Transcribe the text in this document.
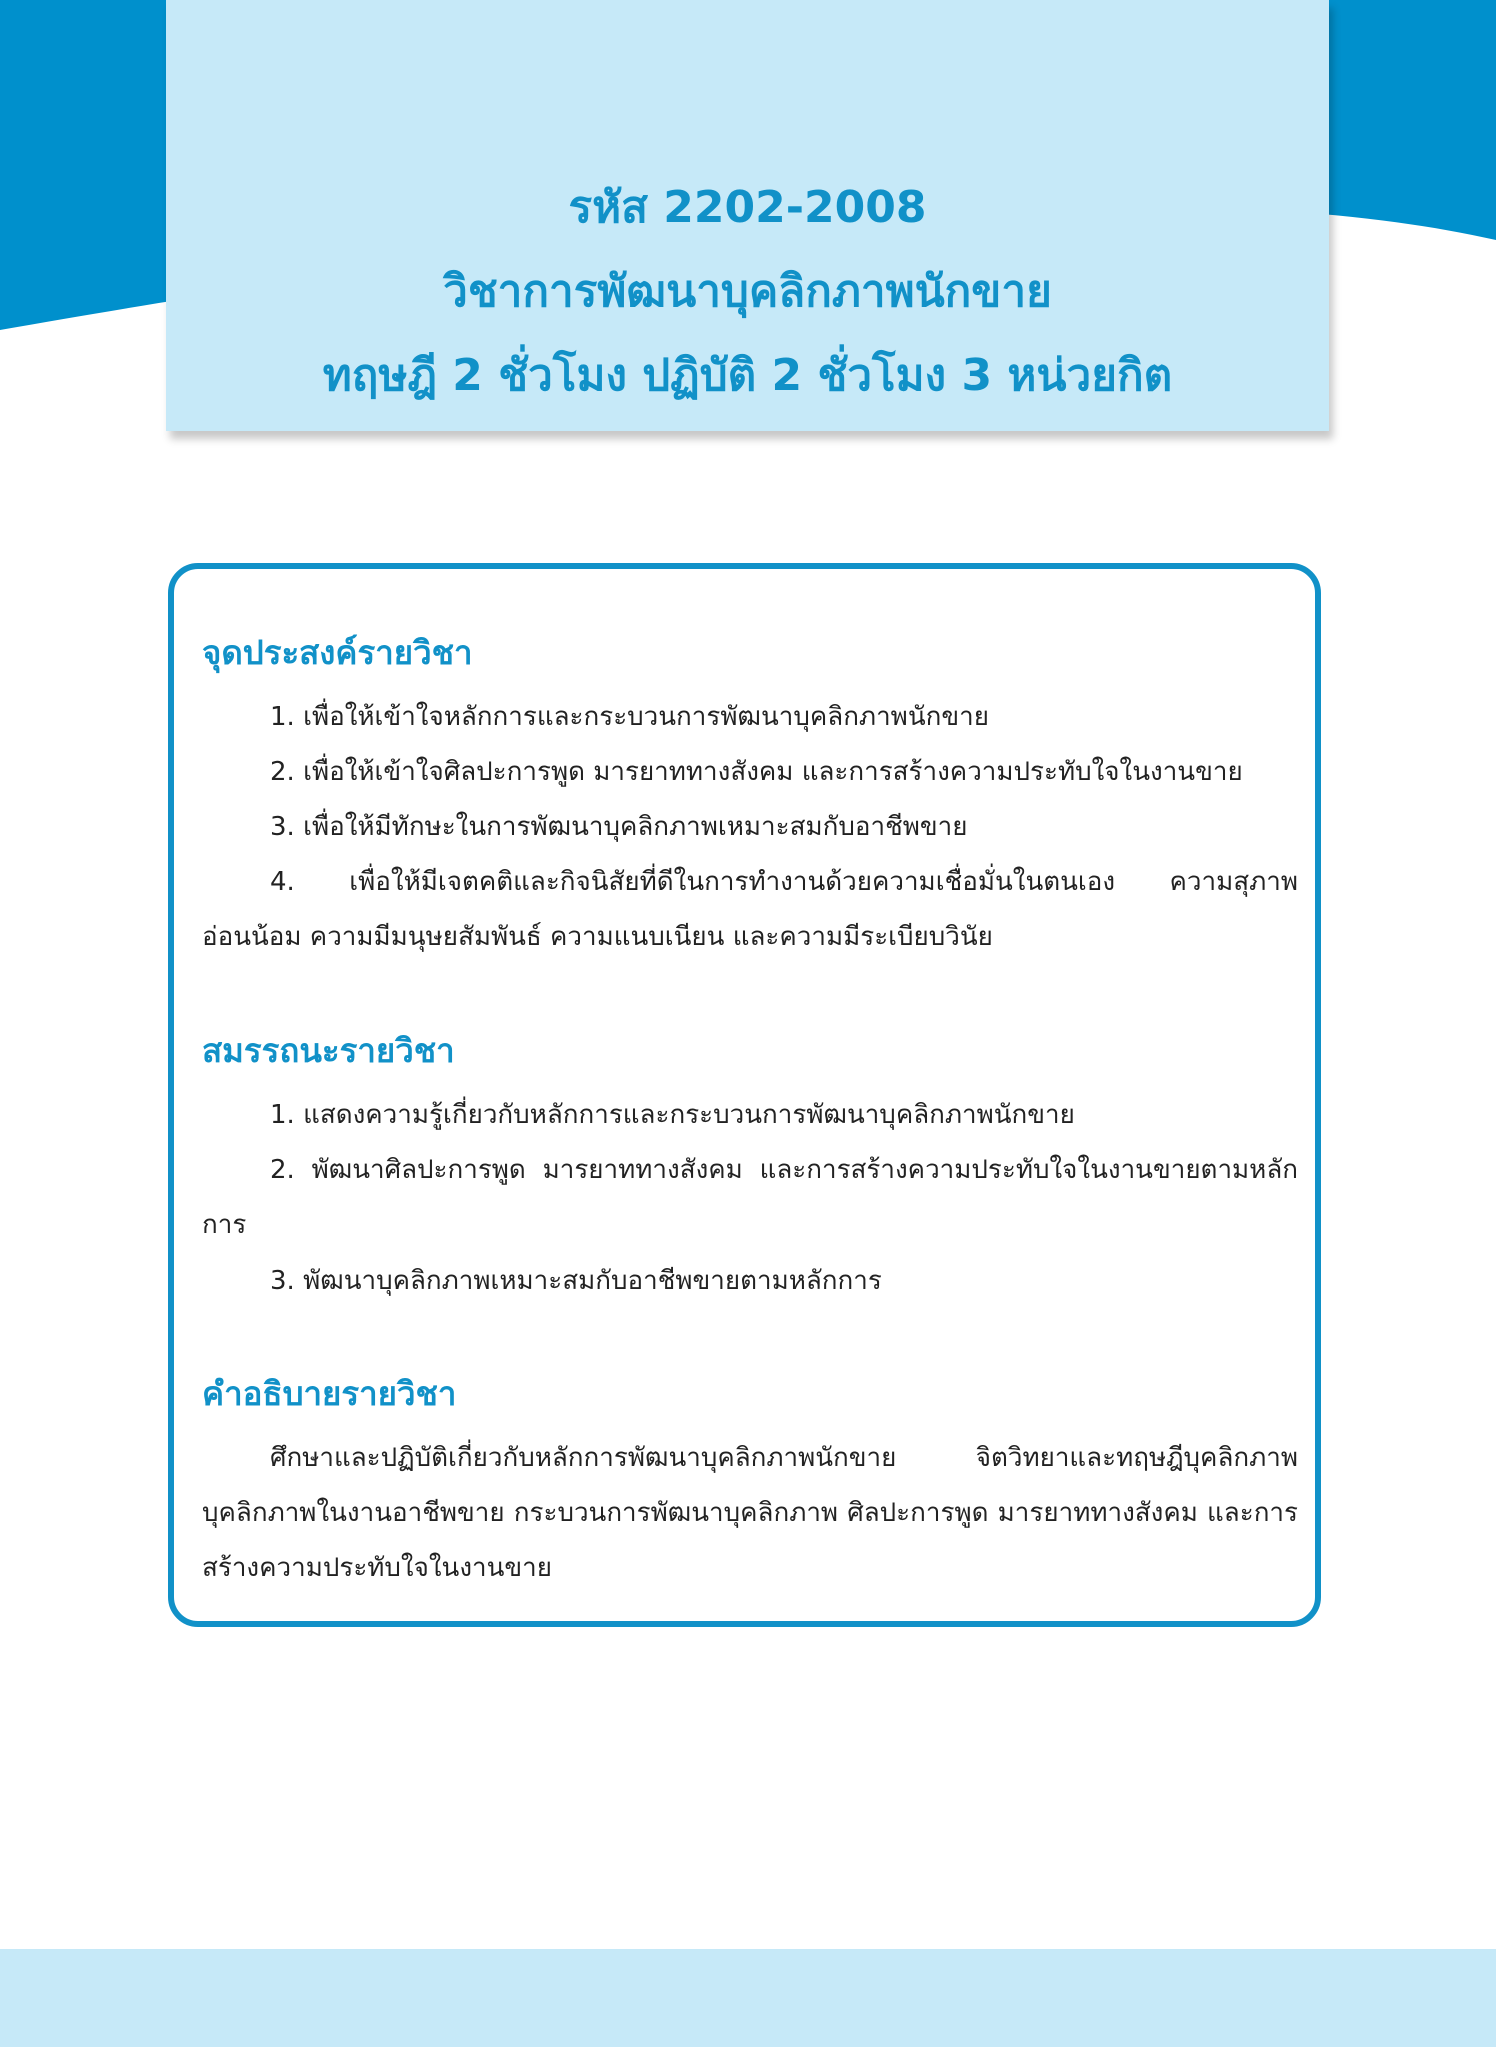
รหัส 2202-2008
วิชาการพัฒนาบุคลิกภาพนักขาย
ทฤษฎี 2 ชั่วโมง ปฏิบัติ 2 ชั่วโมง 3 หน่วยกิต
จุดประสงค์รายวิชา

1. เพื่อให้เข้าใจหลักการและกระบวนการพัฒนาบุคลิกภาพนักขาย

2. เพื่อให้เข้าใจศิลปะการพูด มารยาททางสังคม และการสร้างความประทับใจในงานขาย

3. เพื่อให้มีทักษะในการพัฒนาบุคลิกภาพเหมาะสมกับอาชีพขาย

4. เพื่อให้มีเจตคติและกิจนิสัยที่ดีในการทำงานด้วยความเชื่อมั่นในตนเอง ความสุภาพอ่อนน้อม ความมีมนุษยสัมพันธ์ ความแนบเนียน และความมีระเบียบวินัย

สมรรถนะรายวิชา

1. แสดงความรู้เกี่ยวกับหลักการและกระบวนการพัฒนาบุคลิกภาพนักขาย

2. พัฒนาศิลปะการพูด มารยาททางสังคม และการสร้างความประทับใจในงานขายตามหลักการ

3. พัฒนาบุคลิกภาพเหมาะสมกับอาชีพขายตามหลักการ

คำอธิบายรายวิชา

ศึกษาและปฏิบัติเกี่ยวกับหลักการพัฒนาบุคลิกภาพนักขาย จิตวิทยาและทฤษฎีบุคลิกภาพ บุคลิกภาพในงานอาชีพขาย กระบวนการพัฒนาบุคลิกภาพ ศิลปะการพูด มารยาททางสังคม และการสร้างความประทับใจในงานขาย
